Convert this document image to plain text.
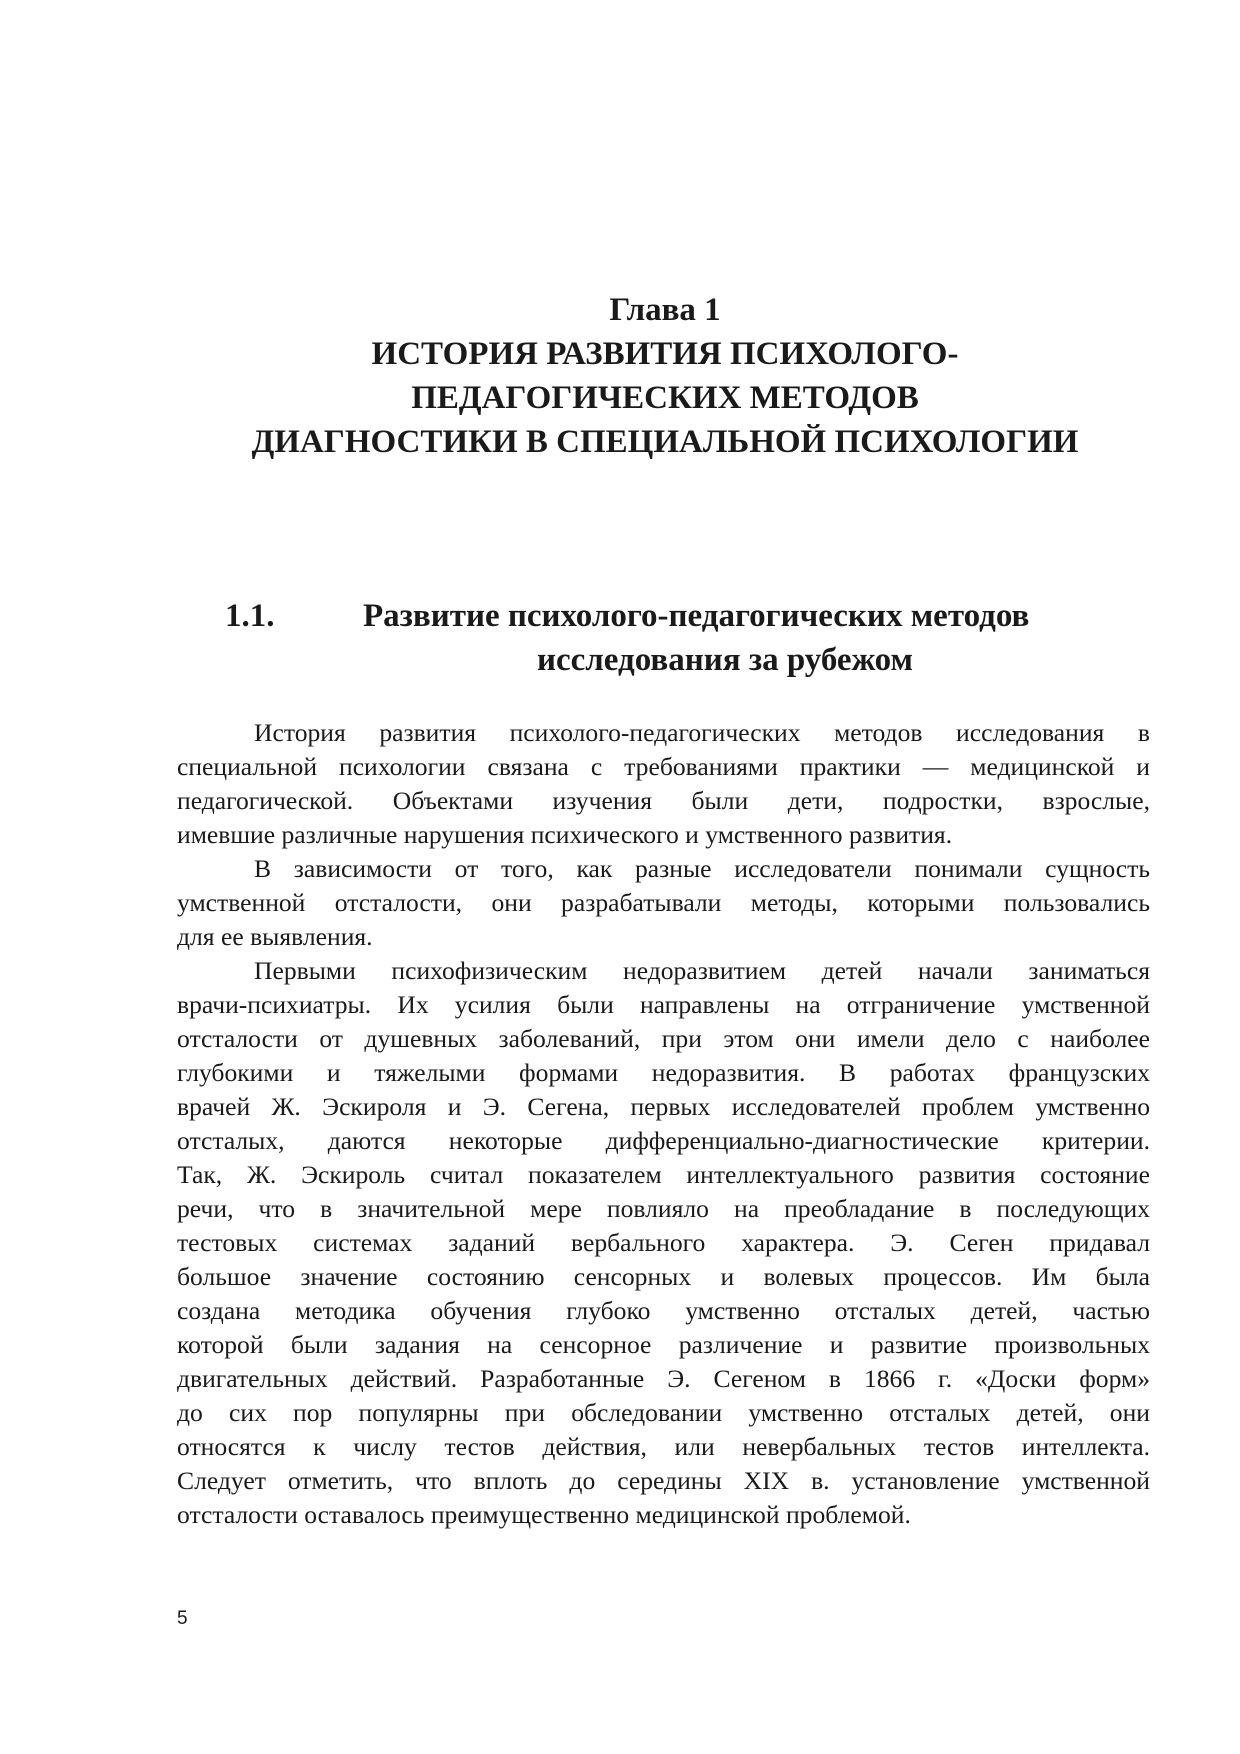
Глава 1
ИСТОРИЯ РАЗВИТИЯ ПСИХОЛОГО-
ПЕДАГОГИЧЕСКИХ МЕТОДОВ
ДИАГНОСТИКИ В СПЕЦИАЛЬНОЙ ПСИХОЛОГИИ
1.1.	Развитие психолого-педагогических методов
исследования за рубежом
История развития психолого-педагогических методов исследования в
специальной психологии связана с требованиями практики — медицинской и
педагогической. Объектами изучения были дети, подростки, взрослые,
имевшие различные нарушения психического и умственного развития.
В зависимости от того, как разные исследователи понимали сущность
умственной отсталости, они разрабатывали методы, которыми пользовались
для ее выявления.
Первыми психофизическим недоразвитием детей начали заниматься
врачи-психиатры. Их усилия были направлены на отграничение умственной
отсталости от душевных заболеваний, при этом они имели дело с наиболее
глубокими и тяжелыми формами недоразвития. В работах французских
врачей Ж. Эскироля и Э. Сегена, первых исследователей проблем умственно
отсталых, даются некоторые дифференциально-диагностические критерии.
Так, Ж. Эскироль считал показателем интеллектуального развития состояние
речи, что в значительной мере повлияло на преобладание в последующих
тестовых системах заданий вербального характера. Э. Сеген придавал
большое значение состоянию сенсорных и волевых процессов. Им была
создана методика обучения глубоко умственно отсталых детей, частью
которой были задания на сенсорное различение и развитие произвольных
двигательных действий. Разработанные Э. Сегеном в 1866 г. «Доски форм»
до сих пор популярны при обследовании умственно отсталых детей, они
относятся к числу тестов действия, или невербальных тестов интеллекта.
Следует отметить, что вплоть до середины XIX в. установление умственной
отсталости оставалось преимущественно медицинской проблемой.
5
